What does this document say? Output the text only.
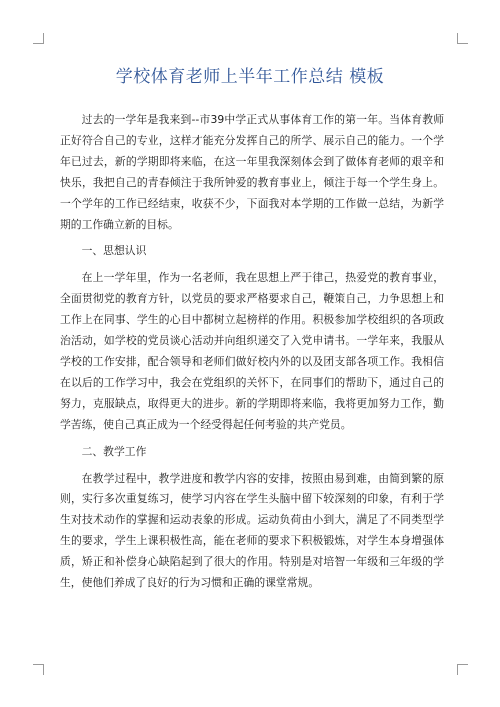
学校体育老师上半年工作总结 模板

过去的一学年是我来到--市39中学正式从事体育工作的第一年。当体育教师正好符合自己的专业，这样才能充分发挥自己的所学、展示自己的能力。一个学年已过去，新的学期即将来临，在这一年里我深刻体会到了做体育老师的艰辛和快乐，我把自己的青春倾注于我所钟爱的教育事业上，倾注于每一个学生身上。一个学年的工作已经结束，收获不少，下面我对本学期的工作做一总结，为新学期的工作确立新的目标。

一、思想认识

在上一学年里，作为一名老师，我在思想上严于律己，热爱党的教育事业，全面贯彻党的教育方针，以党员的要求严格要求自己，鞭策自己，力争思想上和工作上在同事、学生的心目中都树立起榜样的作用。积极参加学校组织的各项政治活动，如学校的党员谈心活动并向组织递交了入党申请书。一学年来，我服从学校的工作安排，配合领导和老师们做好校内外的以及团支部各项工作。我相信在以后的工作学习中，我会在党组织的关怀下，在同事们的帮助下，通过自己的努力，克服缺点，取得更大的进步。新的学期即将来临，我将更加努力工作，勤学苦练，使自己真正成为一个经受得起任何考验的共产党员。

二、教学工作

在教学过程中，教学进度和教学内容的安排，按照由易到难，由简到繁的原则，实行多次重复练习，使学习内容在学生头脑中留下较深刻的印象，有利于学生对技术动作的掌握和运动表象的形成。运动负荷由小到大，满足了不同类型学生的要求，学生上课积极性高，能在老师的要求下积极锻炼，对学生本身增强体质，矫正和补偿身心缺陷起到了很大的作用。特别是对培智一年级和三年级的学生，使他们养成了良好的行为习惯和正确的课堂常规。
